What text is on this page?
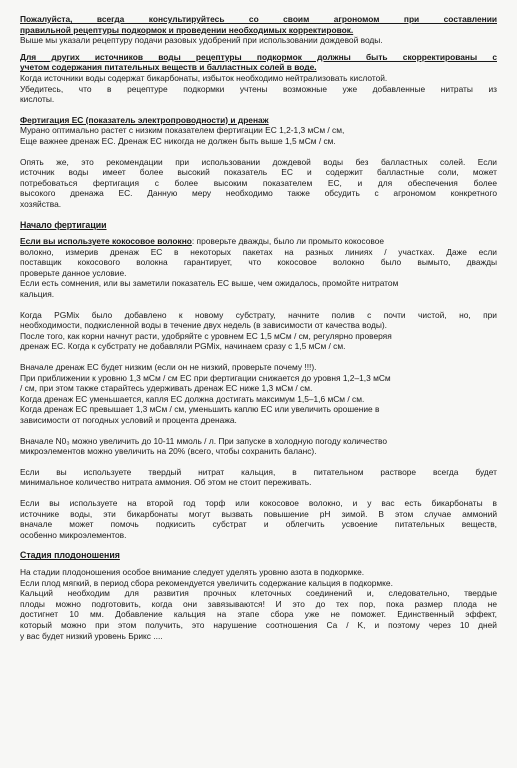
Пожалуйста, всегда консультируйтесь со своим агрономом при составлении
правильной рецептуры подкормок и проведении необходимых корректировок.
Выше мы указали рецептуру подачи разовых удобрений при использовании дождевой воды.
Для других источников воды рецептуры подкормок должны быть скорректированы с
учетом содержания питательных веществ и балластных солей в воде.
Когда источники воды содержат бикарбонаты, избыток необходимо нейтрализовать кислотой.
Убедитесь, что в рецептуре подкормки учтены возможные уже добавленные нитраты из
кислоты.
Фертигация ЕС (показатель электропроводности) и дренаж
Мурано оптимально растет с низким показателем фертигации ЕС 1,2-1,3 мСм / см,
Еще важнее дренаж ЕС. Дренаж ЕС никогда не должен быть выше 1,5 мСм / см.
Опять же, это рекомендации при использовании дождевой воды без балластных солей. Если
источник воды имеет более высокий показатель ЕС и содержит балластные соли, может
потребоваться фертигация с более высоким показателем ЕС, и для обеспечения более
высокого дренажа ЕС. Данную меру необходимо также обсудить с агрономом конкретного
хозяйства.
Начало фертигации
Если вы используете кокосовое волокно: проверьте дважды, было ли промыто кокосовое
волокно, измерив дренаж ЕС в некоторых пакетах на разных линиях / участках. Даже если
поставщик кокосового волокна гарантирует, что кокосовое волокно было вымыто, дважды
проверьте данное условие.
Если есть сомнения, или вы заметили показатель ЕС выше, чем ожидалось, промойте нитратом
кальция.
Когда PGMix было добавлено к новому субстрату, начните полив с почти чистой, но, при
необходимости, подкисленной воды в течение двух недель (в зависимости от качества воды).
После того, как корни начнут расти, удобряйте с уровнем ЕС 1,5 мСм / см, регулярно проверяя
дренаж ЕС. Когда к субстрату не добавляли PGMix, начинаем сразу с 1,5 мСм / см.
Вначале дренаж ЕС будет низким (если он не низкий, проверьте почему !!!).
При приближении к уровню 1,3 мСм / см ЕС при фертигации снижается до уровня 1,2–1,3 мСм
/ см, при этом также старайтесь удерживать дренаж ЕС ниже 1,3 мСм / см.
Когда дренаж ЕС уменьшается, капля ЕС должна достигать максимум 1,5–1,6 мСм / см.
Когда дренаж ЕС превышает 1,3 мСм / см, уменьшить каплю ЕС или увеличить орошение в
зависимости от погодных условий и процента дренажа.
Вначале N0₃ можно увеличить до 10-11 ммоль / л. При запуске в холодную погоду количество
микроэлементов можно увеличить на 20% (всего, чтобы сохранить баланс).
Если вы используете твердый нитрат кальция, в питательном растворе всегда будет
минимальное количество нитрата аммония. Об этом не стоит переживать.
Если вы используете на второй год торф или кокосовое волокно, и у вас есть бикарбонаты в
источнике воды, эти бикарбонаты могут вызвать повышение pH зимой. В этом случае аммоний
вначале может помочь подкисить субстрат и облегчить усвоение питательных веществ,
особенно микроэлементов.
Стадия плодоношения
На стадии плодоношения особое внимание следует уделять уровню азота в подкормке.
Если плод мягкий, в период сбора рекомендуется увеличить содержание кальция в подкормке.
Кальций необходим для развития прочных клеточных соединений и, следовательно, твердые
плоды можно подготовить, когда они завязываются! И это до тех пор, пока размер плода не
достигнет 10 мм. Добавление кальция на этапе сбора уже не поможет. Единственный эффект,
который можно при этом получить, это нарушение соотношения Ca / K, и поэтому через 10 дней
у вас будет низкий уровень Брикс ....
